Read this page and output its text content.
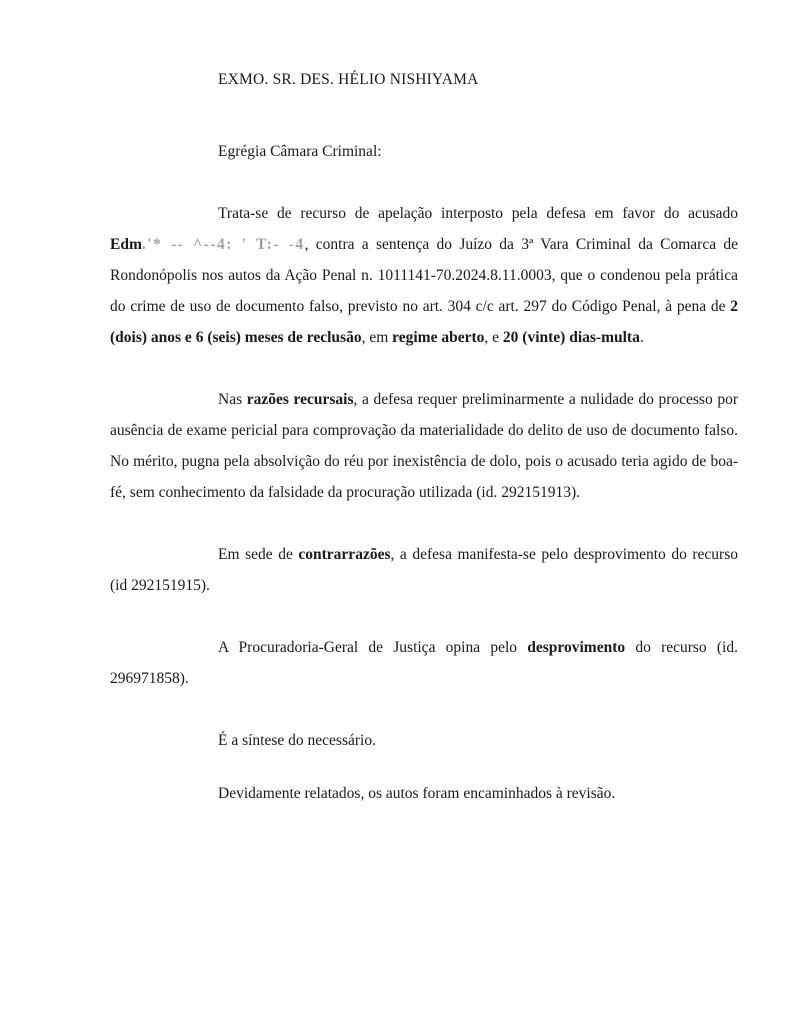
EXMO. SR. DES. HÉLIO NISHIYAMA
Egrégia Câmara Criminal:

Trata-se de recurso de apelação interposto pela defesa em favor do acusado Edm.'* -- ^--4: ' T:- -4, contra a sentença do Juízo da 3ª Vara Criminal da Comarca de Rondonópolis nos autos da Ação Penal n. 1011141-70.2024.8.11.0003, que o condenou pela prática do crime de uso de documento falso, previsto no art. 304 c/c art. 297 do Código Penal, à pena de 2 (dois) anos e 6 (seis) meses de reclusão, em regime aberto, e 20 (vinte) dias-multa.

Nas razões recursais, a defesa requer preliminarmente a nulidade do processo por ausência de exame pericial para comprovação da materialidade do delito de uso de documento falso. No mérito, pugna pela absolvição do réu por inexistência de dolo, pois o acusado teria agido de boa-fé, sem conhecimento da falsidade da procuração utilizada (id. 292151913).

Em sede de contrarrazões, a defesa manifesta-se pelo desprovimento do recurso (id 292151915).

A Procuradoria-Geral de Justiça opina pelo desprovimento do recurso (id. 296971858).

É a síntese do necessário.

Devidamente relatados, os autos foram encaminhados à revisão.
